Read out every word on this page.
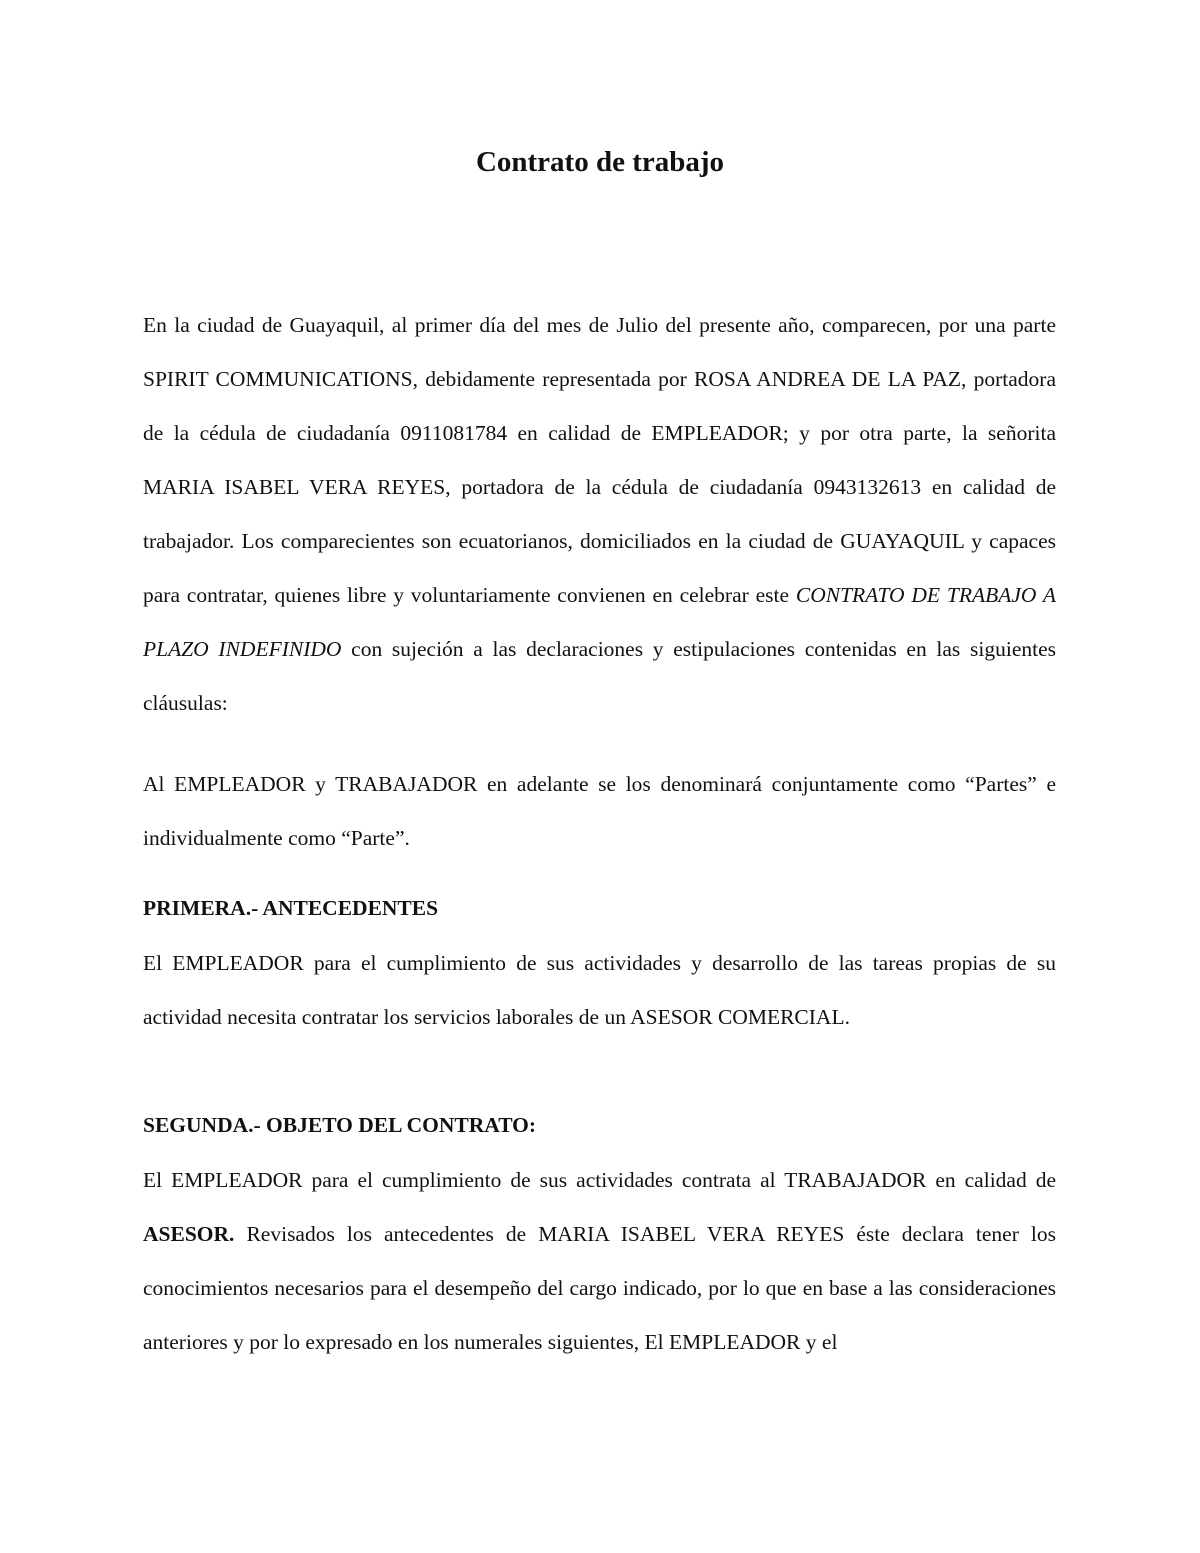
Contrato de trabajo

En la ciudad de Guayaquil, al primer día del mes de Julio del presente año, comparecen, por una parte SPIRIT COMMUNICATIONS, debidamente representada por ROSA ANDREA DE LA PAZ, portadora de la cédula de ciudadanía 0911081784 en calidad de EMPLEADOR; y por otra parte, la señorita MARIA ISABEL VERA REYES, portadora de la cédula de ciudadanía 0943132613 en calidad de trabajador. Los comparecientes son ecuatorianos, domiciliados en la ciudad de GUAYAQUIL y capaces para contratar, quienes libre y voluntariamente convienen en celebrar este CONTRATO DE TRABAJO A PLAZO INDEFINIDO con sujeción a las declaraciones y estipulaciones contenidas en las siguientes cláusulas:

Al EMPLEADOR y TRABAJADOR en adelante se los denominará conjuntamente como “Partes” e individualmente como “Parte”.

PRIMERA.- ANTECEDENTES

El EMPLEADOR para el cumplimiento de sus actividades y desarrollo de las tareas propias de su actividad necesita contratar los servicios laborales de un ASESOR COMERCIAL.

SEGUNDA.- OBJETO DEL CONTRATO:

El EMPLEADOR para el cumplimiento de sus actividades contrata al TRABAJADOR en calidad de ASESOR. Revisados los antecedentes de MARIA ISABEL VERA REYES éste declara tener los conocimientos necesarios para el desempeño del cargo indicado, por lo que en base a las consideraciones anteriores y por lo expresado en los numerales siguientes, El EMPLEADOR y el
